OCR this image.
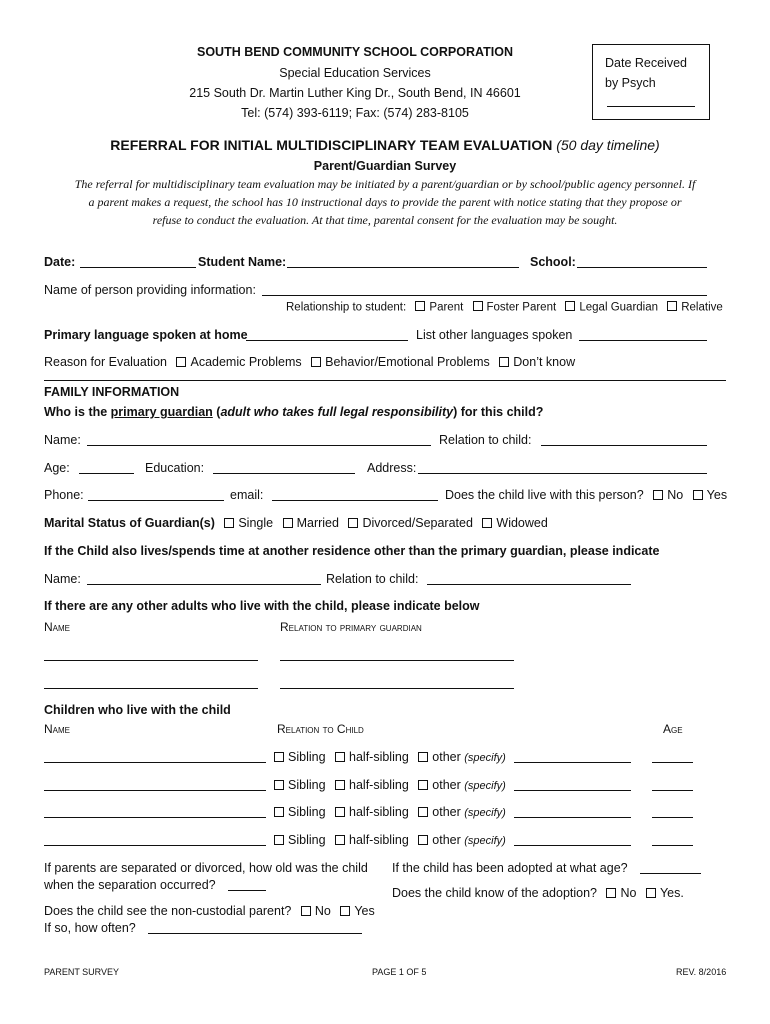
SOUTH BEND COMMUNITY SCHOOL CORPORATION
Special Education Services
215 South Dr. Martin Luther King Dr., South Bend, IN 46601
Tel: (574) 393-6119; Fax: (574) 283-8105
Date Received
by Psych
REFERRAL FOR INITIAL MULTIDISCIPLINARY TEAM EVALUATION (50 day timeline)
Parent/Guardian Survey
The referral for multidisciplinary team evaluation may be initiated by a parent/guardian or by school/public agency personnel. If
a parent makes a request, the school has 10 instructional days to provide the parent with notice stating that they propose or
refuse to conduct the evaluation. At that time, parental consent for the evaluation may be sought.
Date:	Student Name:	School:
Name of person providing information:
Relationship to student: Parent Foster Parent Legal Guardian Relative
Primary language spoken at home	List other languages spoken
Reason for Evaluation Academic Problems Behavior/Emotional Problems Don’t know
FAMILY INFORMATION
Who is the primary guardian (adult who takes full legal responsibility) for this child?
Name:	Relation to child:
Age:	Education:	Address:
Phone:	email:	Does the child live with this person? No Yes
Marital Status of Guardian(s) Single Married Divorced/Separated Widowed
If the Child also lives/spends time at another residence other than the primary guardian, please indicate
Name:	Relation to child:
If there are any other adults who live with the child, please indicate below
Name	Relation to primary guardian
Children who live with the child
Name	Relation to Child	Age
Sibling half-sibling other (specify)
Sibling half-sibling other (specify)
Sibling half-sibling other (specify)
Sibling half-sibling other (specify)
If parents are separated or divorced, how old was the child
when the separation occurred?
If the child has been adopted at what age?
Does the child know of the adoption? No Yes.
Does the child see the non-custodial parent? No Yes
If so, how often?
PARENT SURVEY	PAGE 1 OF 5	REV. 8/2016
